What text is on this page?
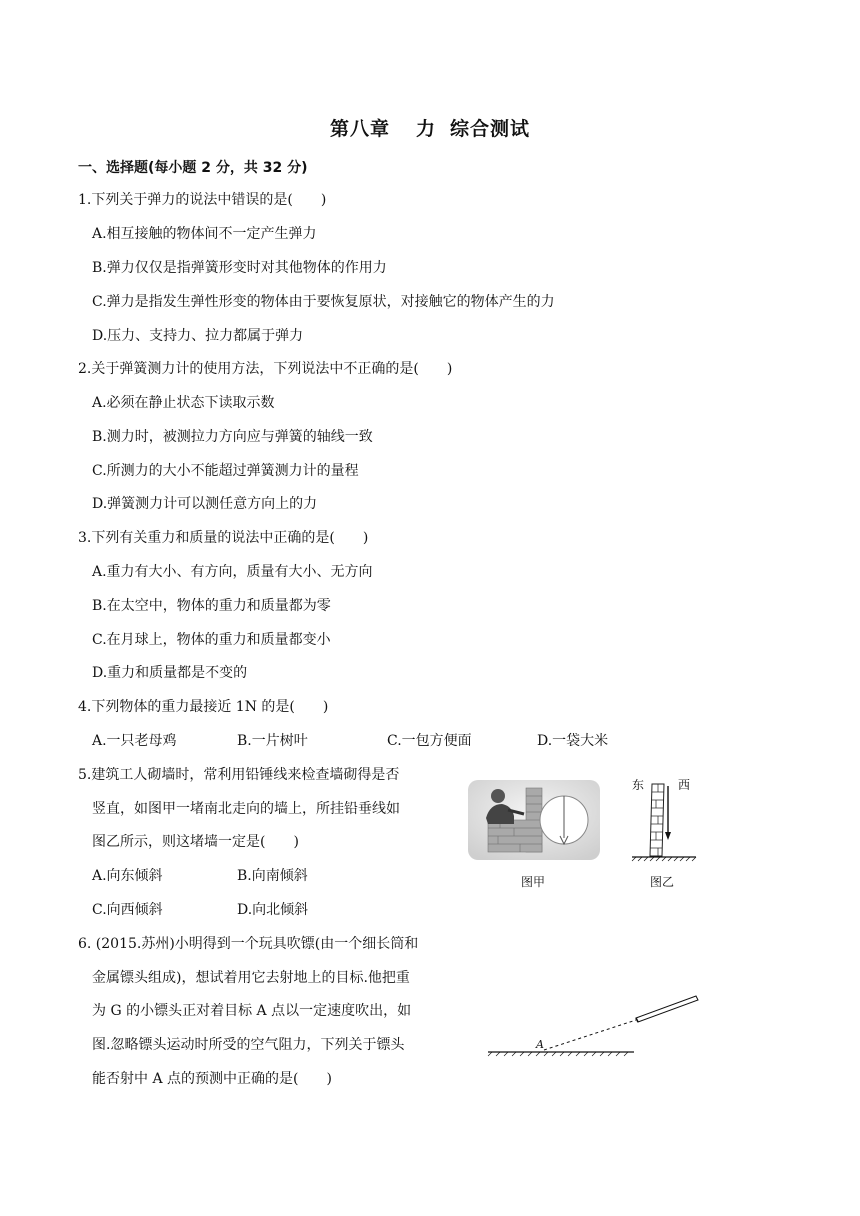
第八章 力 综合测试
一、选择题(每小题 2 分，共 32 分)
1.下列关于弹力的说法中错误的是(　　)
A.相互接触的物体间不一定产生弹力
B.弹力仅仅是指弹簧形变时对其他物体的作用力
C.弹力是指发生弹性形变的物体由于要恢复原状，对接触它的物体产生的力
D.压力、支持力、拉力都属于弹力
2.关于弹簧测力计的使用方法，下列说法中不正确的是(　　)
A.必须在静止状态下读取示数
B.测力时，被测拉力方向应与弹簧的轴线一致
C.所测力的大小不能超过弹簧测力计的量程
D.弹簧测力计可以测任意方向上的力
3.下列有关重力和质量的说法中正确的是(　　)
A.重力有大小、有方向，质量有大小、无方向
B.在太空中，物体的重力和质量都为零
C.在月球上，物体的重力和质量都变小
D.重力和质量都是不变的
4.下列物体的重力最接近 1N 的是(　　)
A.一只老母鸡	B.一片树叶	C.一包方便面	D.一袋大米
5.建筑工人砌墙时，常利用铅锤线来检查墙砌得是否
竖直，如图甲一堵南北走向的墙上，所挂铅垂线如
图乙所示，则这堵墙一定是(　　)
A.向东倾斜	B.向南倾斜
C.向西倾斜	D.向北倾斜
图甲
东	西
图乙
6. (2015.苏州)小明得到一个玩具吹镖(由一个细长筒和
金属镖头组成)，想试着用它去射地上的目标.他把重
为 G 的小镖头正对着目标 A 点以一定速度吹出，如
图.忽略镖头运动时所受的空气阻力，下列关于镖头
能否射中 A 点的预测中正确的是(　　)
A
